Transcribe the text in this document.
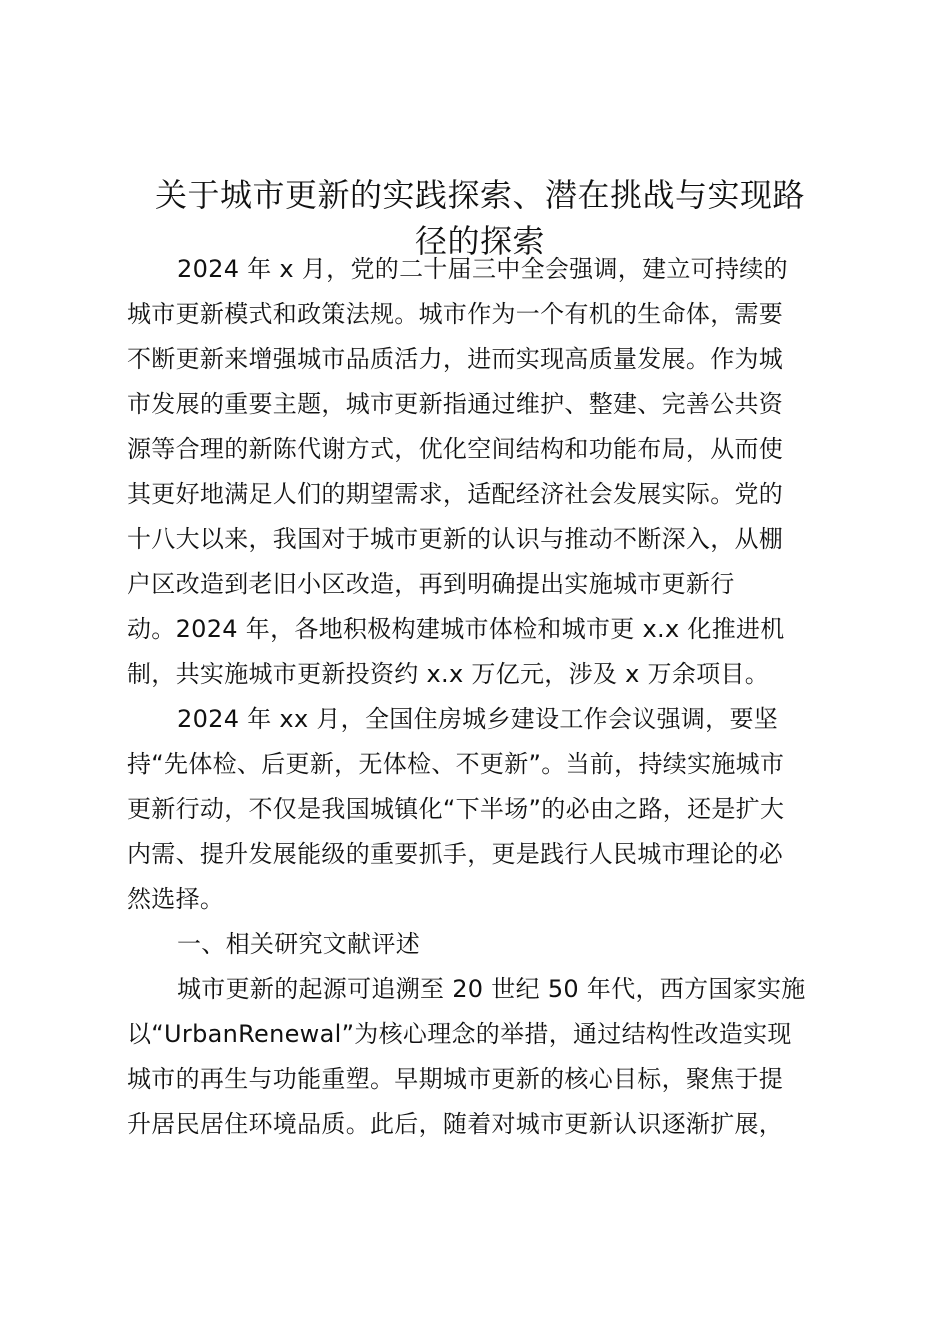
关于城市更新的实践探索、潜在挑战与实现路
径的探索
2024 年 x 月，党的二十届三中全会强调，建立可持续的
城市更新模式和政策法规。城市作为一个有机的生命体，需要
不断更新来增强城市品质活力，进而实现高质量发展。作为城
市发展的重要主题，城市更新指通过维护、整建、完善公共资
源等合理的新陈代谢方式，优化空间结构和功能布局，从而使
其更好地满足人们的期望需求，适配经济社会发展实际。党的
十八大以来，我国对于城市更新的认识与推动不断深入，从棚
户区改造到老旧小区改造，再到明确提出实施城市更新行
动。2024 年，各地积极构建城市体检和城市更 x.x 化推进机
制，共实施城市更新投资约 x.x 万亿元，涉及 x 万余项目。
2024 年 xx 月，全国住房城乡建设工作会议强调，要坚
持“先体检、后更新，无体检、不更新”。当前，持续实施城市
更新行动，不仅是我国城镇化“下半场”的必由之路，还是扩大
内需、提升发展能级的重要抓手，更是践行人民城市理论的必
然选择。
一、相关研究文献评述
城市更新的起源可追溯至 20 世纪 50 年代，西方国家实施
以“UrbanRenewal”为核心理念的举措，通过结构性改造实现
城市的再生与功能重塑。早期城市更新的核心目标，聚焦于提
升居民居住环境品质。此后，随着对城市更新认识逐渐扩展，
